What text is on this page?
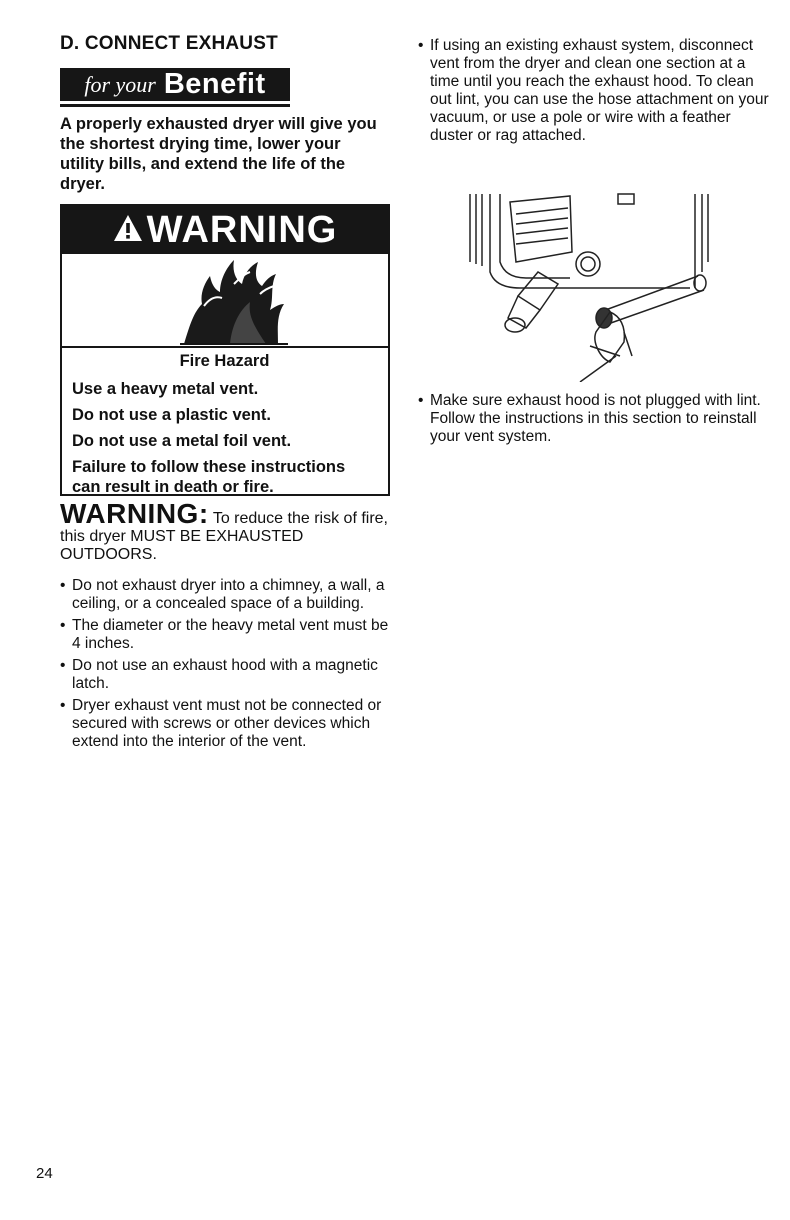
D. CONNECT EXHAUST
for your Benefit
A properly exhausted dryer will give you the shortest drying time, lower your utility bills, and extend the life of the dryer.
WARNING
Fire Hazard
Use a heavy metal vent.
Do not use a plastic vent.
Do not use a metal foil vent.
Failure to follow these instructions can result in death or fire.
WARNING: To reduce the risk of fire, this dryer MUST BE EXHAUSTED OUTDOORS.
• Do not exhaust dryer into a chimney, a wall, a ceiling, or a concealed space of a building.
• The diameter or the heavy metal vent must be 4 inches.
• Do not use an exhaust hood with a magnetic latch.
• Dryer exhaust vent must not be connected or secured with screws or other devices which extend into the interior of the vent.
• If using an existing exhaust system, disconnect vent from the dryer and clean one section at a time until you reach the exhaust hood. To clean out lint, you can use the hose attachment on your vacuum, or use a pole or wire with a feather duster or rag attached.
• Make sure exhaust hood is not plugged with lint. Follow the instructions in this section to reinstall your vent system.
24
